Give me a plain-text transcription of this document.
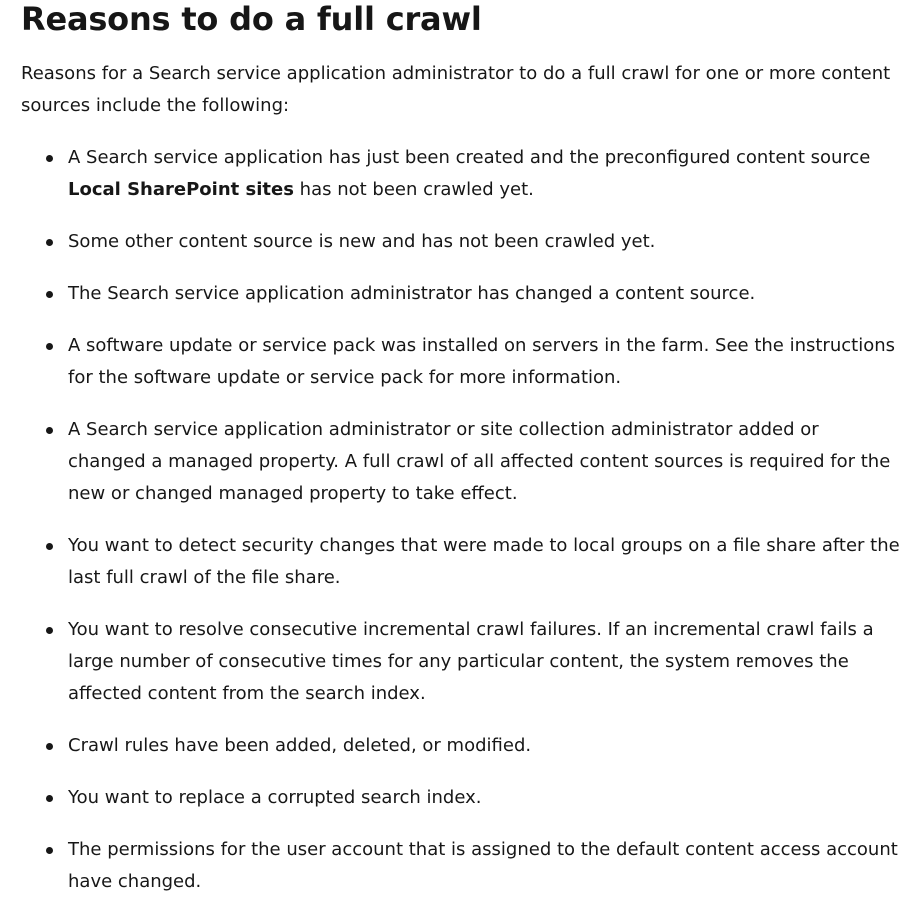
Reasons to do a full crawl

Reasons for a Search service application administrator to do a full crawl for one or more content sources include the following:

A Search service application has just been created and the preconfigured content source Local SharePoint sites has not been crawled yet.
Some other content source is new and has not been crawled yet.
The Search service application administrator has changed a content source.
A software update or service pack was installed on servers in the farm. See the instructions for the software update or service pack for more information.
A Search service application administrator or site collection administrator added or changed a managed property. A full crawl of all affected content sources is required for the new or changed managed property to take effect.
You want to detect security changes that were made to local groups on a file share after the last full crawl of the file share.
You want to resolve consecutive incremental crawl failures. If an incremental crawl fails a large number of consecutive times for any particular content, the system removes the affected content from the search index.
Crawl rules have been added, deleted, or modified.
You want to replace a corrupted search index.
The permissions for the user account that is assigned to the default content access account have changed.
